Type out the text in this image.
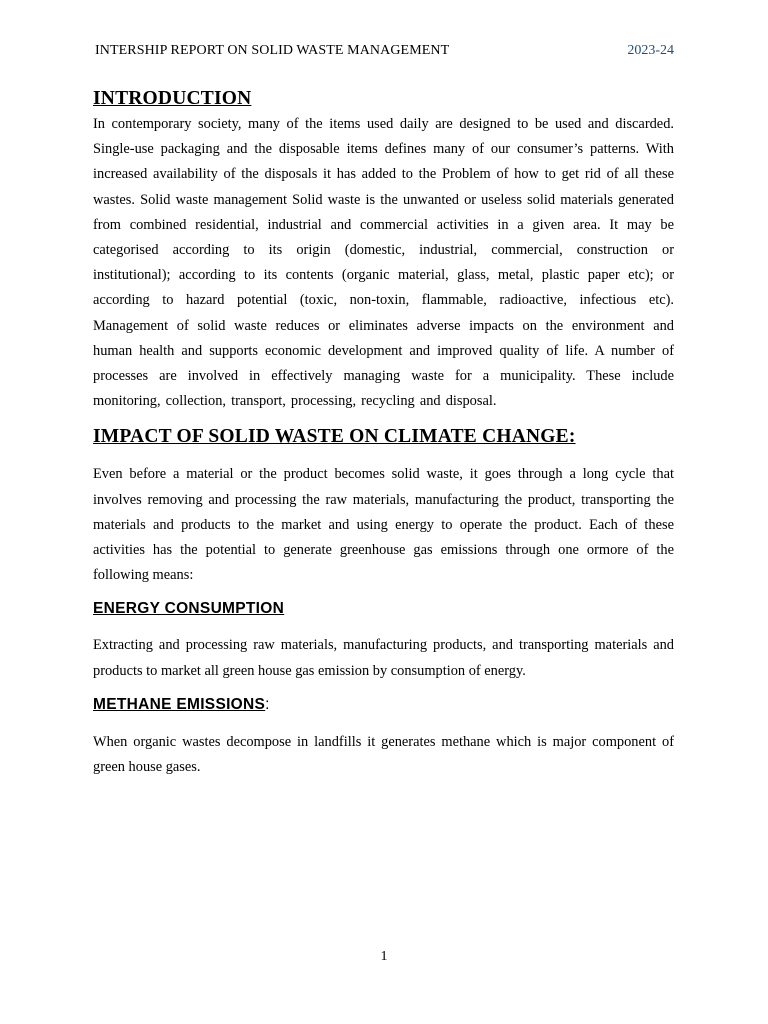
INTERSHIP REPORT ON SOLID WASTE MANAGEMENT	2023-24
INTRODUCTION

In contemporary society, many of the items used daily are designed to be used and discarded. Single-use packaging and the disposable items defines many of our consumer’s patterns. With increased availability of the disposals it has added to the Problem of how to get rid of all these wastes. Solid waste management Solid waste is the unwanted or useless solid materials generated from combined residential, industrial and commercial activities in a given area. It may be categorised according to its origin (domestic, industrial, commercial, construction or institutional); according to its contents (organic material, glass, metal, plastic paper etc); or according to hazard potential (toxic, non-toxin, flammable, radioactive, infectious etc). Management of solid waste reduces or eliminates adverse impacts on the environment and human health and supports economic development and improved quality of life. A number of processes are involved in effectively managing waste for a municipality. These include monitoring, collection, transport, processing, recycling and disposal.

IMPACT OF SOLID WASTE ON CLIMATE CHANGE:

Even before a material or the product becomes solid waste, it goes through a long cycle that involves removing and processing the raw materials, manufacturing the product, transporting the materials and products to the market and using energy to operate the product. Each of these activities has the potential to generate greenhouse gas emissions through one ormore of the following means:

ENERGY CONSUMPTION

Extracting and processing raw materials, manufacturing products, and transporting materials and products to market all green house gas emission by consumption of energy.

METHANE EMISSIONS:

When organic wastes decompose in landfills it generates methane which is major component of green house gases.

1
